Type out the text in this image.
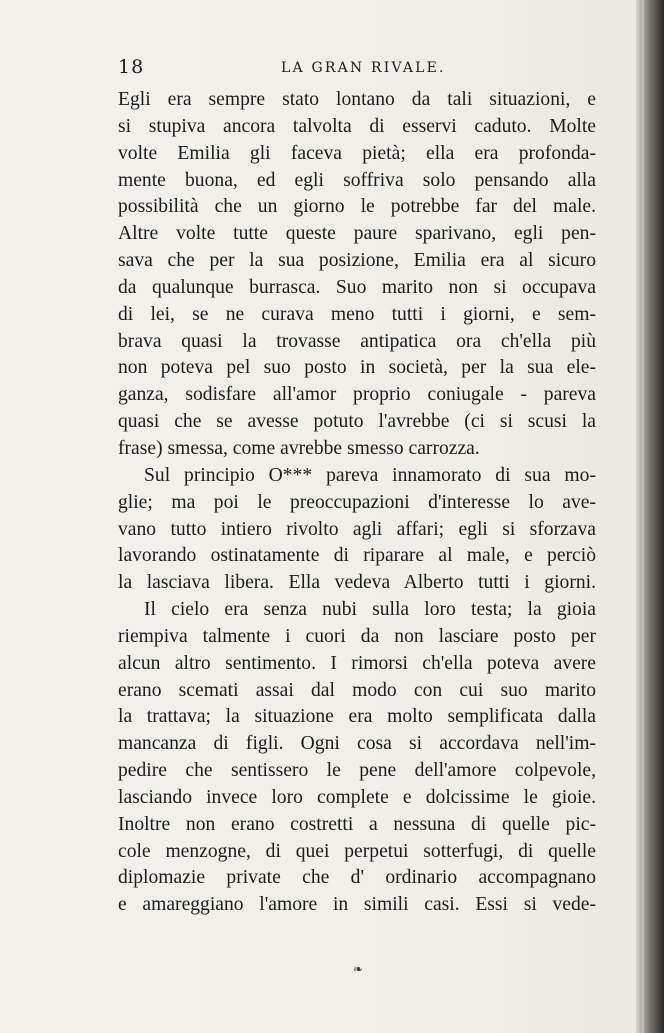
18	LA GRAN RIVALE.
Egli era sempre stato lontano da tali situazioni, e
si stupiva ancora talvolta di esservi caduto. Molte
volte Emilia gli faceva pietà; ella era profonda-
mente buona, ed egli soffriva solo pensando alla
possibilità che un giorno le potrebbe far del male.
Altre volte tutte queste paure sparivano, egli pen-
sava che per la sua posizione, Emilia era al sicuro
da qualunque burrasca. Suo marito non si occupava
di lei, se ne curava meno tutti i giorni, e sem-
brava quasi la trovasse antipatica ora ch'ella più
non poteva pel suo posto in società, per la sua ele-
ganza, sodisfare all'amor proprio coniugale - pareva
quasi che se avesse potuto l'avrebbe (ci si scusi la
frase) smessa, come avrebbe smesso carrozza.
Sul principio O*** pareva innamorato di sua mo-
glie; ma poi le preoccupazioni d'interesse lo ave-
vano tutto intiero rivolto agli affari; egli si sforzava
lavorando ostinatamente di riparare al male, e perciò
la lasciava libera. Ella vedeva Alberto tutti i giorni.
Il cielo era senza nubi sulla loro testa; la gioia
riempiva talmente i cuori da non lasciare posto per
alcun altro sentimento. I rimorsi ch'ella poteva avere
erano scemati assai dal modo con cui suo marito
la trattava; la situazione era molto semplificata dalla
mancanza di figli. Ogni cosa si accordava nell'im-
pedire che sentissero le pene dell'amore colpevole,
lasciando invece loro complete e dolcissime le gioie.
Inoltre non erano costretti a nessuna di quelle pic-
cole menzogne, di quei perpetui sotterfugi, di quelle
diplomazie private che d' ordinario accompagnano
e amareggiano l'amore in simili casi. Essi si vede-
❧
